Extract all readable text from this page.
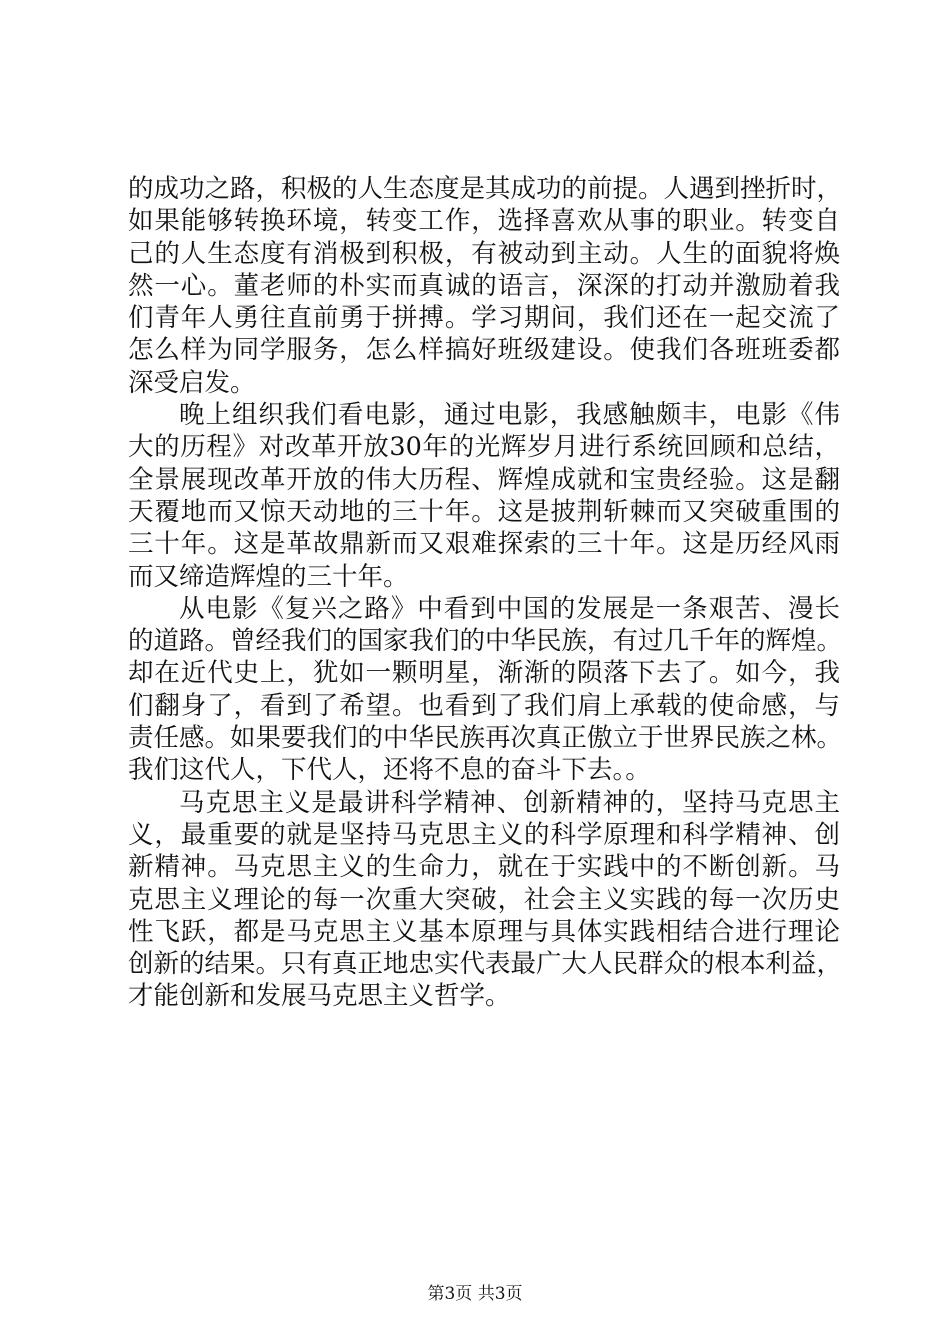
的成功之路，积极的人生态度是其成功的前提。人遇到挫折时，
如果能够转换环境，转变工作，选择喜欢从事的职业。转变自
己的人生态度有消极到积极，有被动到主动。人生的面貌将焕
然一心。董老师的朴实而真诚的语言，深深的打动并激励着我
们青年人勇往直前勇于拼搏。学习期间，我们还在一起交流了
怎么样为同学服务，怎么样搞好班级建设。使我们各班班委都
深受启发。
晚上组织我们看电影，通过电影，我感触颇丰，电影《伟
大的历程》对改革开放30年的光辉岁月进行系统回顾和总结，
全景展现改革开放的伟大历程、辉煌成就和宝贵经验。这是翻
天覆地而又惊天动地的三十年。这是披荆斩棘而又突破重围的
三十年。这是革故鼎新而又艰难探索的三十年。这是历经风雨
而又缔造辉煌的三十年。
从电影《复兴之路》中看到中国的发展是一条艰苦、漫长
的道路。曾经我们的国家我们的中华民族，有过几千年的辉煌。
却在近代史上，犹如一颗明星，渐渐的陨落下去了。如今，我
们翻身了，看到了希望。也看到了我们肩上承载的使命感，与
责任感。如果要我们的中华民族再次真正傲立于世界民族之林。
我们这代人，下代人，还将不息的奋斗下去。。
马克思主义是最讲科学精神、创新精神的，坚持马克思主
义，最重要的就是坚持马克思主义的科学原理和科学精神、创
新精神。马克思主义的生命力，就在于实践中的不断创新。马
克思主义理论的每一次重大突破，社会主义实践的每一次历史
性飞跃，都是马克思主义基本原理与具体实践相结合进行理论
创新的结果。只有真正地忠实代表最广大人民群众的根本利益，
才能创新和发展马克思主义哲学。
第3页 共3页
